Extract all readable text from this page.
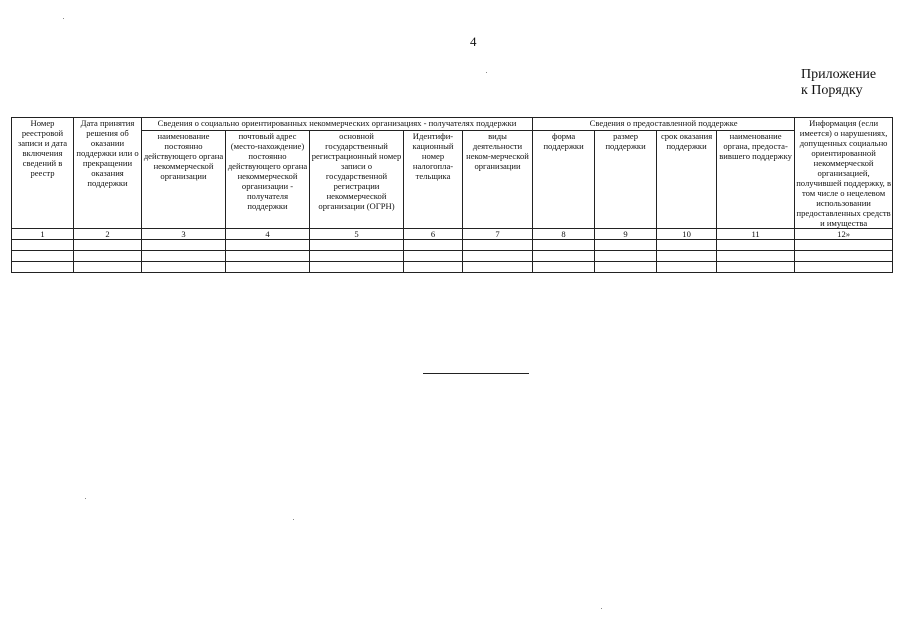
4
Приложение
к Порядку
Номер реестровой записи и дата включения сведений в реестр	Дата принятия решения об оказании поддержки или о прекращении оказания поддержки	Сведения о социально ориентированных некоммерческих организациях - получателях поддержки					Сведения о предоставленной поддержке				Информация (если имеется) о нарушениях, допущенных социально ориентированной некоммерческой организацией, получившей поддержку, в том числе о нецелевом использовании предоставленных средств и имущества
		наименование постоянно действующего органа некоммерческой организации	почтовый адрес (место-нахождение) постоянно действующего органа некоммерческой организации - получателя поддержки	основной государственный регистрационный номер записи о государственной регистрации некоммерческой организации (ОГРН)	Идентифи-кационный номер налогопла-тельщика	виды деятельности неком-мерческой организации	форма поддержки	размер поддержки	срок оказания поддержки	наименование органа, предоста-вившего поддержку	
1	2	3	4	5	6	7	8	9	10	11	12»
